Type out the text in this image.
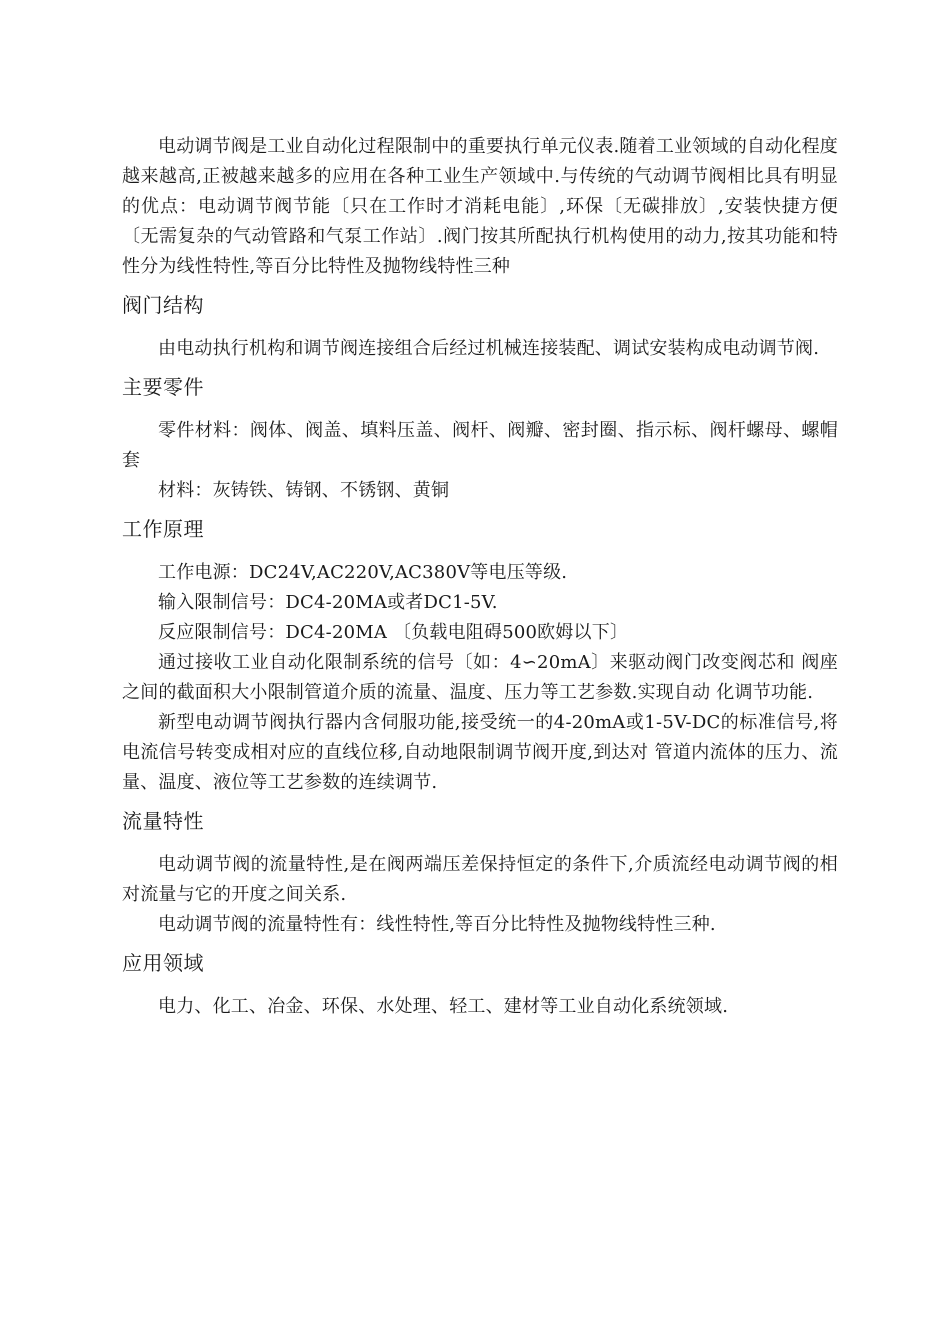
电动调节阀是工业自动化过程限制中的重要执行单元仪表.随着工业领域的自动化程度越来越高,正被越来越多的应用在各种工业生产领域中.与传统的气动调节阀相比具有明显的优点：电动调节阀节能〔只在工作时才消耗电能〕,环保〔无碳排放〕,安装快捷方便〔无需复杂的气动管路和气泵工作站〕.阀门按其所配执行机构使用的动力,按其功能和特性分为线性特性,等百分比特性及抛物线特性三种

阀门结构

由电动执行机构和调节阀连接组合后经过机械连接装配、调试安装构成电动调节阀.

主要零件

零件材料：阀体、阀盖、填料压盖、阀杆、阀瓣、密封圈、指示标、阀杆螺母、螺帽套

材料：灰铸铁、铸钢、不锈钢、黄铜

工作原理

工作电源：DC24V,AC220V,AC380V等电压等级.

输入限制信号：DC4-20MA或者DC1-5V.

反应限制信号：DC4-20MA 〔负载电阻碍500欧姆以下〕

通过接收工业自动化限制系统的信号〔如：4∽20mA〕来驱动阀门改变阀芯和 阀座之间的截面积大小限制管道介质的流量、温度、压力等工艺参数.实现自动 化调节功能.

新型电动调节阀执行器内含伺服功能,接受统一的4-20mA或1-5V-DC的标准信号,将电流信号转变成相对应的直线位移,自动地限制调节阀开度,到达对 管道内流体的压力、流量、温度、液位等工艺参数的连续调节.

流量特性

电动调节阀的流量特性,是在阀两端压差保持恒定的条件下,介质流经电动调节阀的相对流量与它的开度之间关系.

电动调节阀的流量特性有：线性特性,等百分比特性及抛物线特性三种.

应用领域

电力、化工、冶金、环保、水处理、轻工、建材等工业自动化系统领域.
